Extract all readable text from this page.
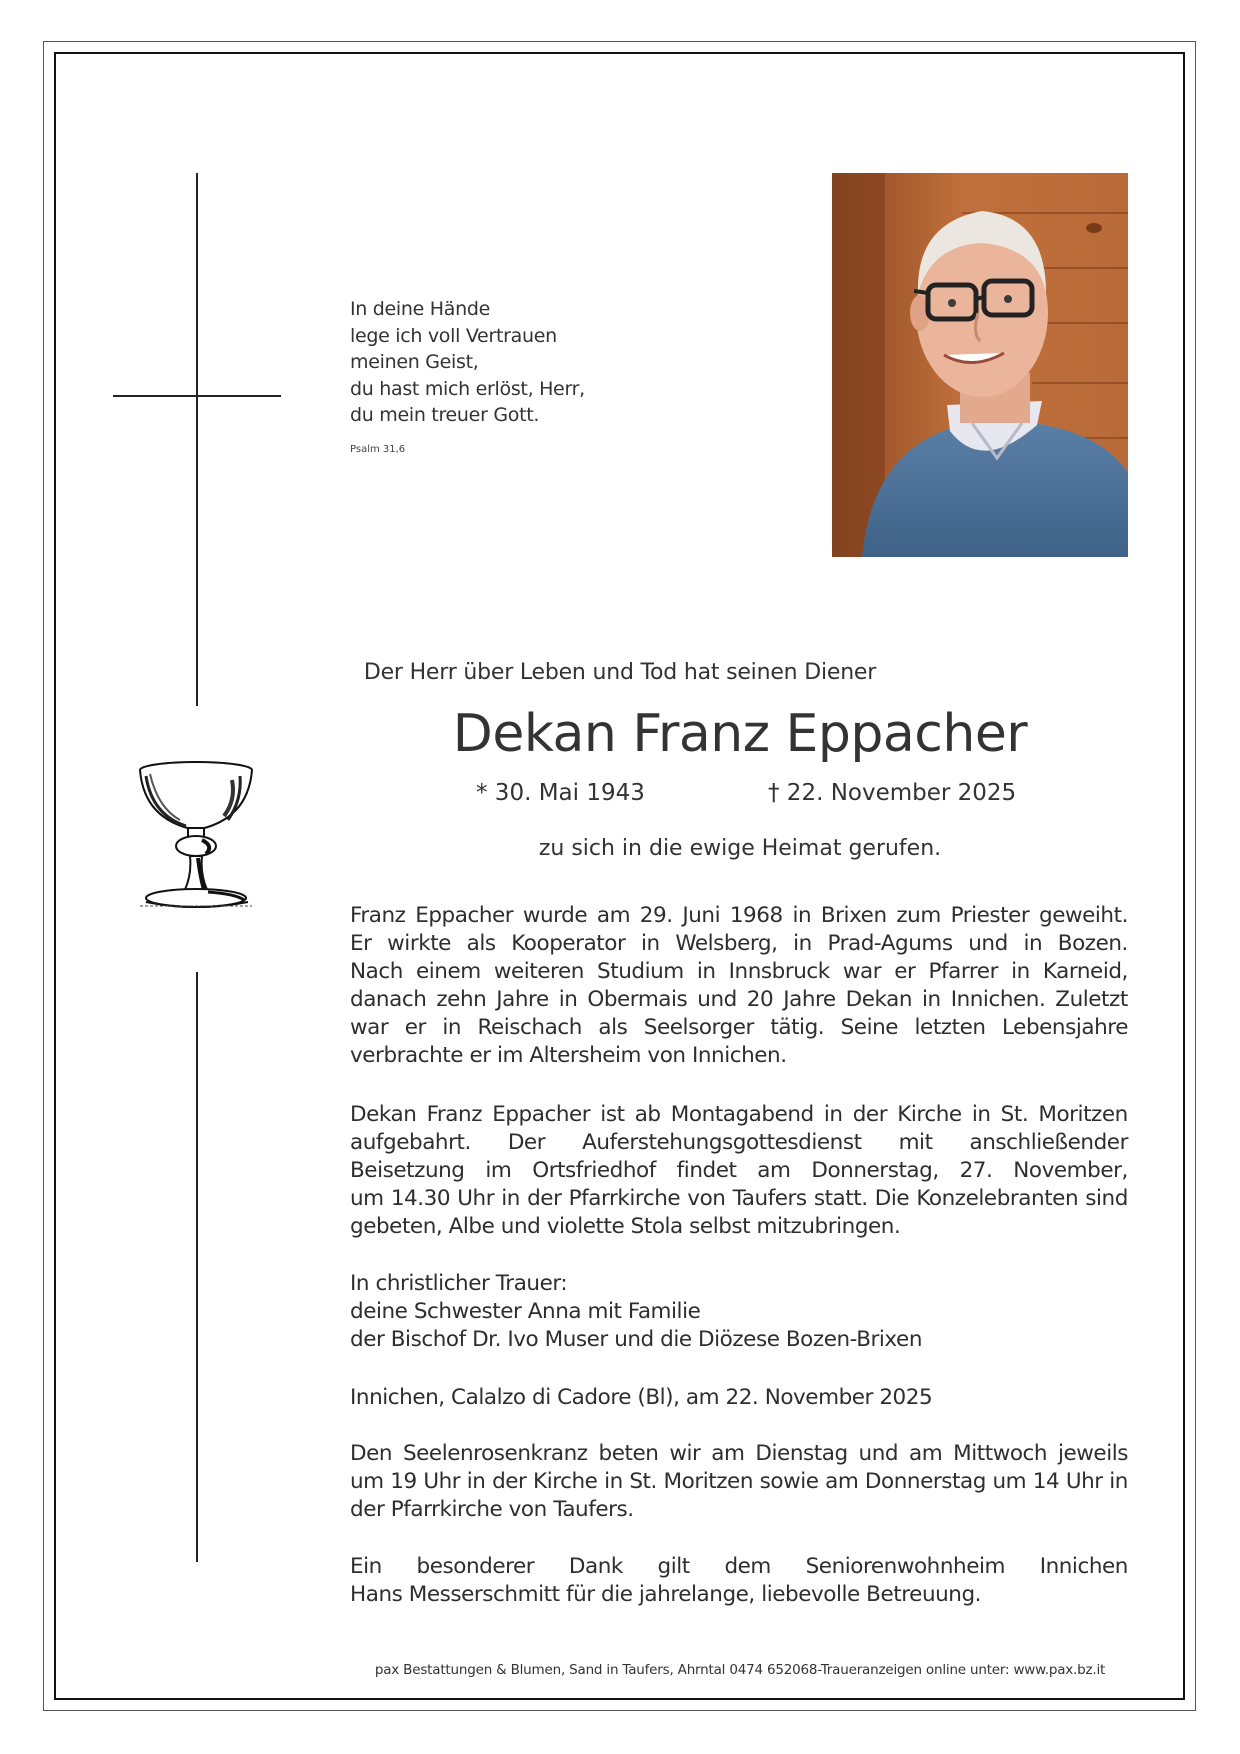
In deine Hände
lege ich voll Vertrauen
meinen Geist,
du hast mich erlöst, Herr,
du mein treuer Gott.
Psalm 31,6
Der Herr über Leben und Tod hat seinen Diener
Dekan Franz Eppacher
* 30. Mai 1943	† 22. November 2025
zu sich in die ewige Heimat gerufen.
Franz Eppacher wurde am 29. Juni 1968 in Brixen zum Priester geweiht.
Er wirkte als Kooperator in Welsberg, in Prad-Agums und in Bozen.
Nach einem weiteren Studium in Innsbruck war er Pfarrer in Karneid,
danach zehn Jahre in Obermais und 20 Jahre Dekan in Innichen. Zuletzt
war er in Reischach als Seelsorger tätig. Seine letzten Lebensjahre
verbrachte er im Altersheim von Innichen.
Dekan Franz Eppacher ist ab Montagabend in der Kirche in St. Moritzen
aufgebahrt. Der Auferstehungsgottesdienst mit anschließender
Beisetzung im Ortsfriedhof findet am Donnerstag, 27. November,
um 14.30 Uhr in der Pfarrkirche von Taufers statt. Die Konzelebranten sind
gebeten, Albe und violette Stola selbst mitzubringen.
In christlicher Trauer:
deine Schwester Anna mit Familie
der Bischof Dr. Ivo Muser und die Diözese Bozen-Brixen
Innichen, Calalzo di Cadore (Bl), am 22. November 2025
Den Seelenrosenkranz beten wir am Dienstag und am Mittwoch jeweils
um 19 Uhr in der Kirche in St. Moritzen sowie am Donnerstag um 14 Uhr in
der Pfarrkirche von Taufers.
Ein besonderer Dank gilt dem Seniorenwohnheim Innichen
Hans Messerschmitt für die jahrelange, liebevolle Betreuung.
pax Bestattungen & Blumen, Sand in Taufers, Ahrntal 0474 652068-Traueranzeigen online unter: www.pax.bz.it
